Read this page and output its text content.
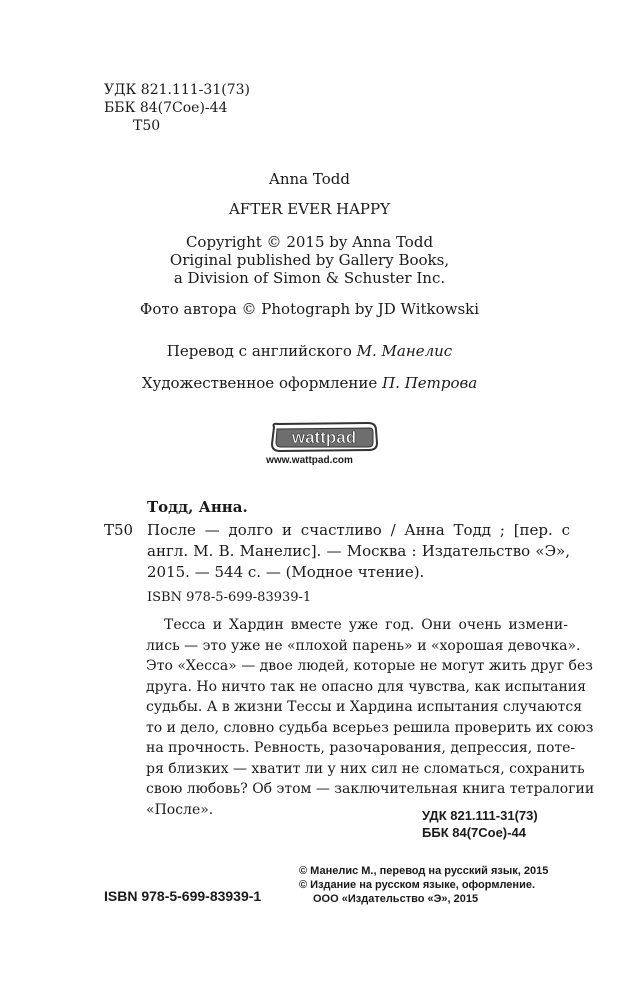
УДК 821.111-31(73)
ББК 84(7Сое)-44
Т50
Anna Todd
AFTER EVER HAPPY
Copyright © 2015 by Anna Todd
Original published by Gallery Books,
a Division of Simon & Schuster Inc.
Фото автора © Photograph by JD Witkowski
Перевод с английского М. Манелис
Художественное оформление П. Петрова
wattpad
www.wattpad.com
Тодд, Анна.
Т50 После — долго и счастливо / Анна Тодд ; [пер. с
англ. М. В. Манелис]. — Москва : Издательство «Э»,
2015. — 544 с. — (Модное чтение).
ISBN 978-5-699-83939-1
Тесса и Хардин вместе уже год. Они очень измени-
лись — это уже не «плохой парень» и «хорошая девочка».
Это «Хесса» — двое людей, которые не могут жить друг без
друга. Но ничто так не опасно для чувства, как испытания
судьбы. А в жизни Тессы и Хардина испытания случаются
то и дело, словно судьба всерьез решила проверить их союз
на прочность. Ревность, разочарования, депрессия, поте-
ря близких — хватит ли у них сил не сломаться, сохранить
свою любовь? Об этом — заключительная книга тетралогии
«После».	УДК 821.111-31(73)
ББК 84(7Сое)-44
ISBN 978-5-699-83939-1
© Манелис М., перевод на русский язык, 2015
© Издание на русском языке, оформление.
ООО «Издательство «Э», 2015
